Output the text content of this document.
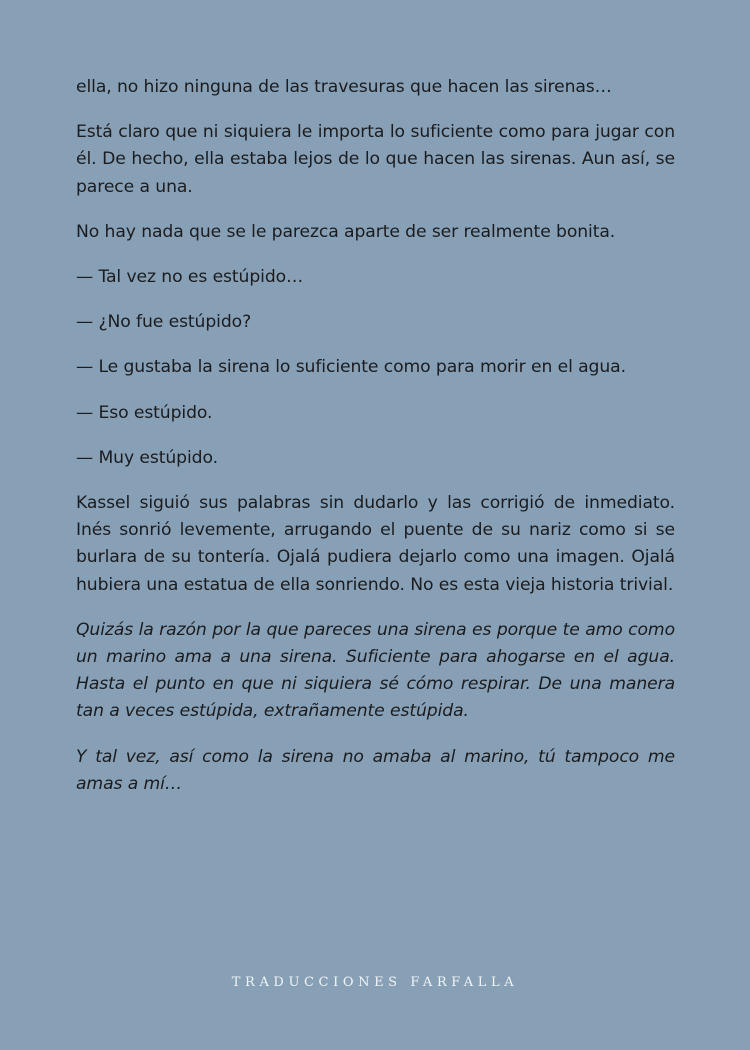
ella, no hizo ninguna de las travesuras que hacen las sirenas…

Está claro que ni siquiera le importa lo suficiente como para jugar con él. De hecho, ella estaba lejos de lo que hacen las sirenas. Aun así, se parece a una.

No hay nada que se le parezca aparte de ser realmente bonita.

— Tal vez no es estúpido…

— ¿No fue estúpido?

— Le gustaba la sirena lo suficiente como para morir en el agua.

— Eso estúpido.

— Muy estúpido.

Kassel siguió sus palabras sin dudarlo y las corrigió de inmediato. Inés sonrió levemente, arrugando el puente de su nariz como si se burlara de su tontería. Ojalá pudiera dejarlo como una imagen. Ojalá hubiera una estatua de ella sonriendo. No es esta vieja historia trivial.

Quizás la razón por la que pareces una sirena es porque te amo como un marino ama a una sirena. Suficiente para ahogarse en el agua. Hasta el punto en que ni siquiera sé cómo respirar. De una manera tan a veces estúpida, extrañamente estúpida.

Y tal vez, así como la sirena no amaba al marino, tú tampoco me amas a mí…

TRADUCCIONES FARFALLA
